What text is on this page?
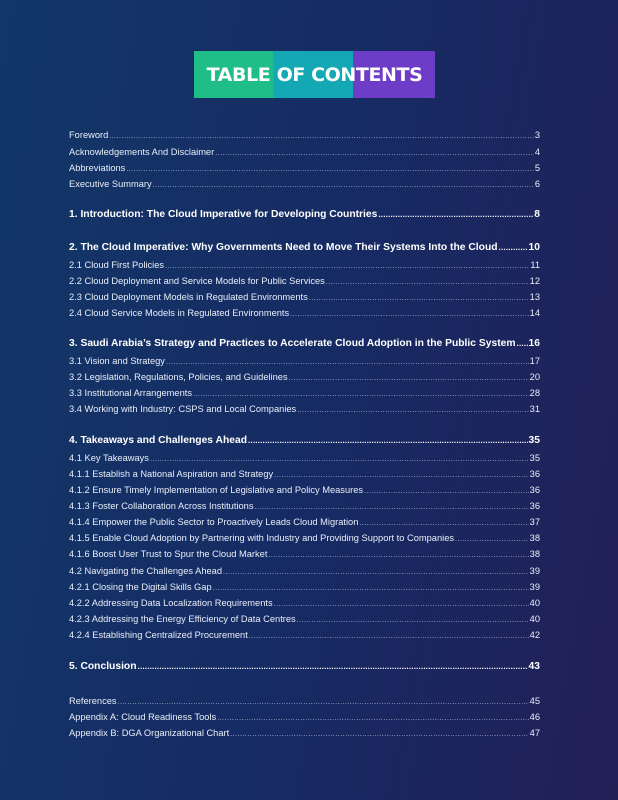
TABLE OF CONTENTS
Foreword .....	3
Acknowledgements And Disclaimer .....	4
Abbreviations .....	5
Executive Summary .....	6
1. Introduction: The Cloud Imperative for Developing Countries .....	8
2. The Cloud Imperative: Why Governments Need to Move Their Systems Into the Cloud .....	10
2.1 Cloud First Policies .....	11
2.2 Cloud Deployment and Service Models for Public Services .....	12
2.3 Cloud Deployment Models in Regulated Environments .....	13
2.4 Cloud Service Models in Regulated Environments .....	14
3. Saudi Arabia’s Strategy and Practices to Accelerate Cloud Adoption in the Public System ..... 16
3.1 Vision and Strategy .....	17
3.2 Legislation, Regulations, Policies, and Guidelines .....	20
3.3 Institutional Arrangements .....	28
3.4 Working with Industry: CSPS and Local Companies .....	31
4. Takeaways and Challenges Ahead .....	35
4.1 Key Takeaways .....	35
4.1.1 Establish a National Aspiration and Strategy .....	36
4.1.2 Ensure Timely Implementation of Legislative and Policy Measures .....	36
4.1.3 Foster Collaboration Across Institutions .....	36
4.1.4 Empower the Public Sector to Proactively Leads Cloud Migration .....	37
4.1.5 Enable Cloud Adoption by Partnering with Industry and Providing Support to Companies .....	38
4.1.6 Boost User Trust to Spur the Cloud Market .....	38
4.2 Navigating the Challenges Ahead .....	39
4.2.1 Closing the Digital Skills Gap .....	39
4.2.2 Addressing Data Localization Requirements .....	40
4.2.3 Addressing the Energy Efficiency of Data Centres .....	40
4.2.4 Establishing Centralized Procurement .....	42
5. Conclusion .....	43
References .....	45
Appendix A: Cloud Readiness Tools .....	46
Appendix B: DGA Organizational Chart .....	47
